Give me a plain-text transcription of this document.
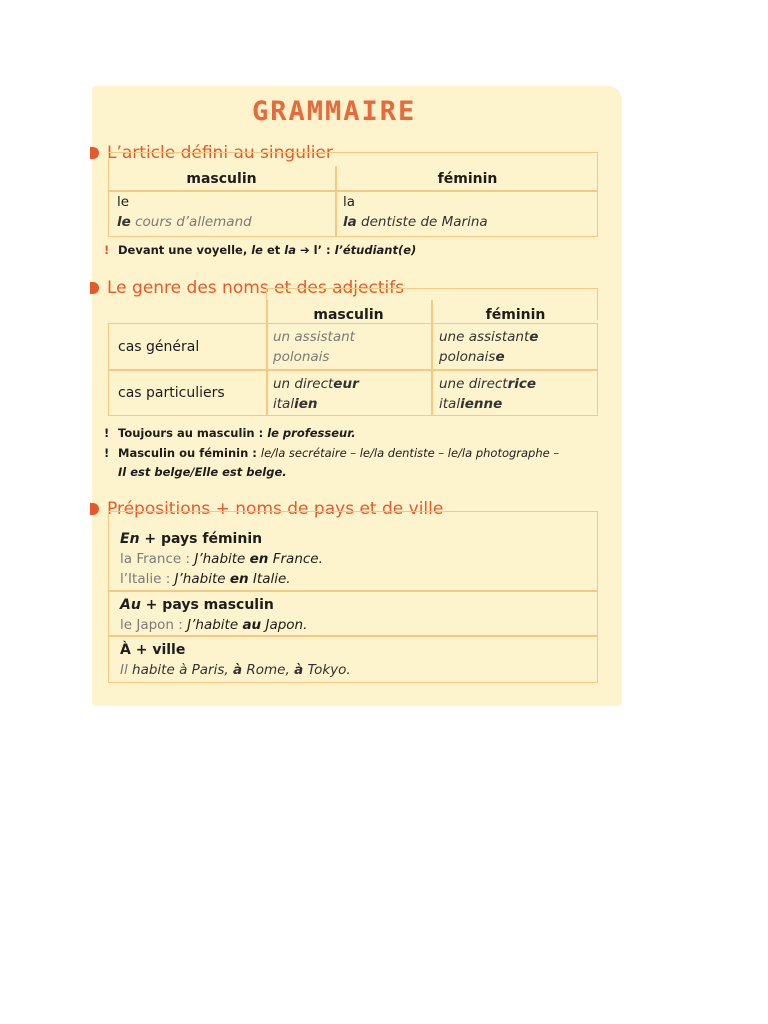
GRAMMAIRE
L’article défini au singulier
masculin	féminin
le
le cours d’allemand
la
la dentiste de Marina
! Devant une voyelle, le et la ➔ l’ : l’étudiant(e)
Le genre des noms et des adjectifs
masculin	féminin
cas général
un assistant
polonais
une assistante
polonaise
cas particuliers
un directeur
italien
une directrice
italienne
! Toujours au masculin : le professeur.
! Masculin ou féminin : le/la secrétaire – le/la dentiste – le/la photographe –
Il est belge/Elle est belge.
Prépositions + noms de pays et de ville
En + pays féminin
la France : J’habite en France.
l’Italie : J’habite en Italie.
Au + pays masculin
le Japon : J’habite au Japon.
À + ville
Il habite à Paris, à Rome, à Tokyo.
